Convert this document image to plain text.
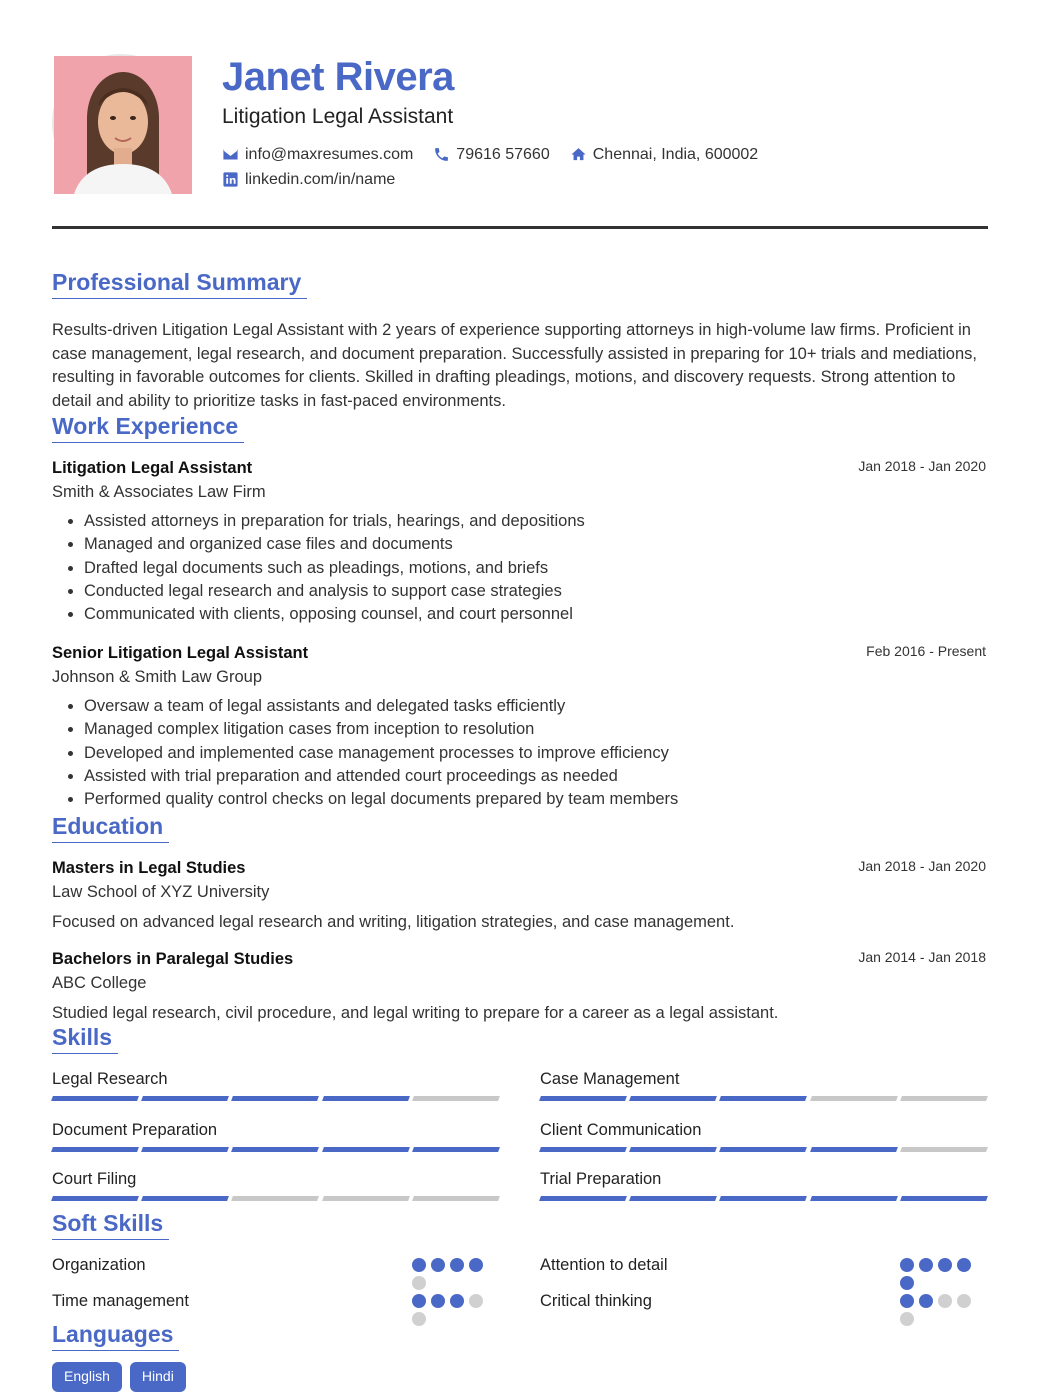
Janet Rivera
Litigation Legal Assistant
info@maxresumes.com	79616 57660	Chennai, India, 600002
linkedin.com/in/name
Professional Summary
Results-driven Litigation Legal Assistant with 2 years of experience supporting attorneys in high-volume law firms. Proficient in case management, legal research, and document preparation. Successfully assisted in preparing for 10+ trials and mediations, resulting in favorable outcomes for clients. Skilled in drafting pleadings, motions, and discovery requests. Strong attention to detail and ability to prioritize tasks in fast-paced environments.
Work Experience
Litigation Legal Assistant	Jan 2018 - Jan 2020
Smith & Associates Law Firm
• Assisted attorneys in preparation for trials, hearings, and depositions
• Managed and organized case files and documents
• Drafted legal documents such as pleadings, motions, and briefs
• Conducted legal research and analysis to support case strategies
• Communicated with clients, opposing counsel, and court personnel
Senior Litigation Legal Assistant	Feb 2016 - Present
Johnson & Smith Law Group
• Oversaw a team of legal assistants and delegated tasks efficiently
• Managed complex litigation cases from inception to resolution
• Developed and implemented case management processes to improve efficiency
• Assisted with trial preparation and attended court proceedings as needed
• Performed quality control checks on legal documents prepared by team members
Education
Masters in Legal Studies	Jan 2018 - Jan 2020
Law School of XYZ University
Focused on advanced legal research and writing, litigation strategies, and case management.
Bachelors in Paralegal Studies	Jan 2014 - Jan 2018
ABC College
Studied legal research, civil procedure, and legal writing to prepare for a career as a legal assistant.
Skills
Legal Research	Case Management
Document Preparation	Client Communication
Court Filing	Trial Preparation
Soft Skills
Organization	Attention to detail
Time management	Critical thinking
Languages
English	Hindi
